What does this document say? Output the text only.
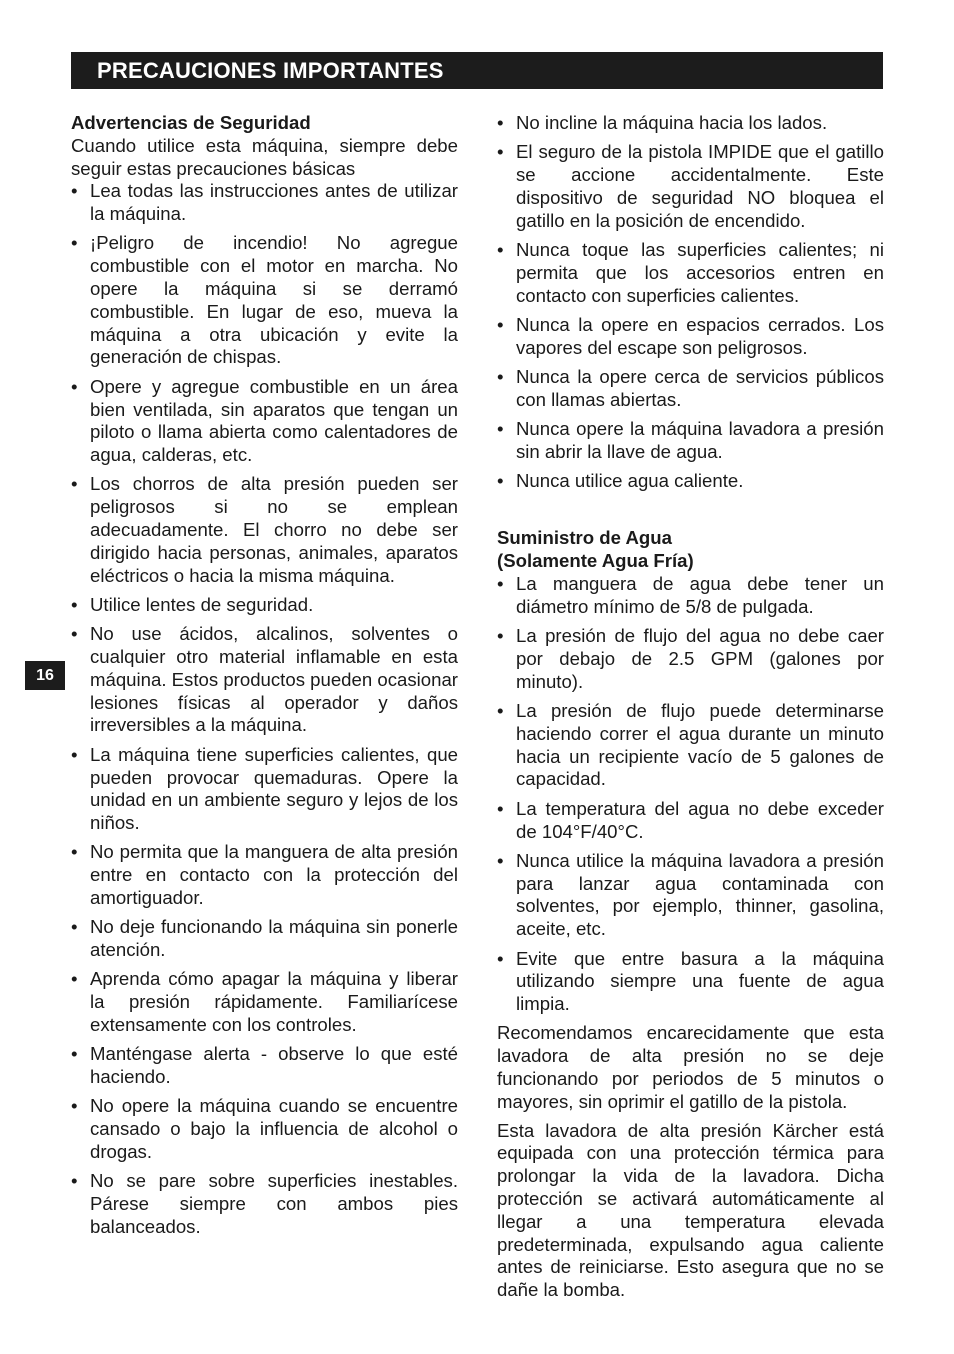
PRECAUCIONES IMPORTANTES
16
Advertencias de Seguridad
Cuando utilice esta máquina, siempre debe seguir estas precauciones básicas
• Lea todas las instrucciones antes de utilizar la máquina.
• ¡Peligro de incendio! No agregue combustible con el motor en marcha. No opere la máquina si se derramó combustible. En lugar de eso, mueva la máquina a otra ubicación y evite la generación de chispas.
• Opere y agregue combustible en un área bien ventilada, sin aparatos que tengan un piloto o llama abierta como calentadores de agua, calderas, etc.
• Los chorros de alta presión pueden ser peligrosos si no se emplean adecuadamente. El chorro no debe ser dirigido hacia personas, animales, aparatos eléctricos o hacia la misma máquina.
• Utilice lentes de seguridad.
• No use ácidos, alcalinos, solventes o cualquier otro material inflamable en esta máquina. Estos productos pueden ocasionar lesiones físicas al operador y daños irreversibles a la máquina.
• La máquina tiene superficies calientes, que pueden provocar quemaduras. Opere la unidad en un ambiente seguro y lejos de los niños.
• No permita que la manguera de alta presión entre en contacto con la protección del amortiguador.
• No deje funcionando la máquina sin ponerle atención.
• Aprenda cómo apagar la máquina y liberar la presión rápidamente. Familiarícese extensamente con los controles.
• Manténgase alerta - observe lo que esté haciendo.
• No opere la máquina cuando se encuentre cansado o bajo la influencia de alcohol o drogas.
• No se pare sobre superficies inestables. Párese siempre con ambos pies balanceados.
• No incline la máquina hacia los lados.
• El seguro de la pistola IMPIDE que el gatillo se accione accidentalmente. Este dispositivo de seguridad NO bloquea el gatillo en la posición de encendido.
• Nunca toque las superficies calientes; ni permita que los accesorios entren en contacto con superficies calientes.
• Nunca la opere en espacios cerrados. Los vapores del escape son peligrosos.
• Nunca la opere cerca de servicios públicos con llamas abiertas.
• Nunca opere la máquina lavadora a presión sin abrir la llave de agua.
• Nunca utilice agua caliente.
Suministro de Agua
(Solamente Agua Fría)
• La manguera de agua debe tener un diámetro mínimo de 5/8 de pulgada.
• La presión de flujo del agua no debe caer por debajo de 2.5 GPM (galones por minuto).
• La presión de flujo puede determinarse haciendo correr el agua durante un minuto hacia un recipiente vacío de 5 galones de capacidad.
• La temperatura del agua no debe exceder de 104°F/40°C.
• Nunca utilice la máquina lavadora a presión para lanzar agua contaminada con solventes, por ejemplo, thinner, gasolina, aceite, etc.
• Evite que entre basura a la máquina utilizando siempre una fuente de agua limpia.
Recomendamos encarecidamente que esta lavadora de alta presión no se deje funcionando por periodos de 5 minutos o mayores, sin oprimir el gatillo de la pistola.
Esta lavadora de alta presión Kärcher está equipada con una protección térmica para prolongar la vida de la lavadora. Dicha protección se activará automáticamente al llegar a una temperatura elevada predeterminada, expulsando agua caliente antes de reiniciarse. Esto asegura que no se dañe la bomba.
